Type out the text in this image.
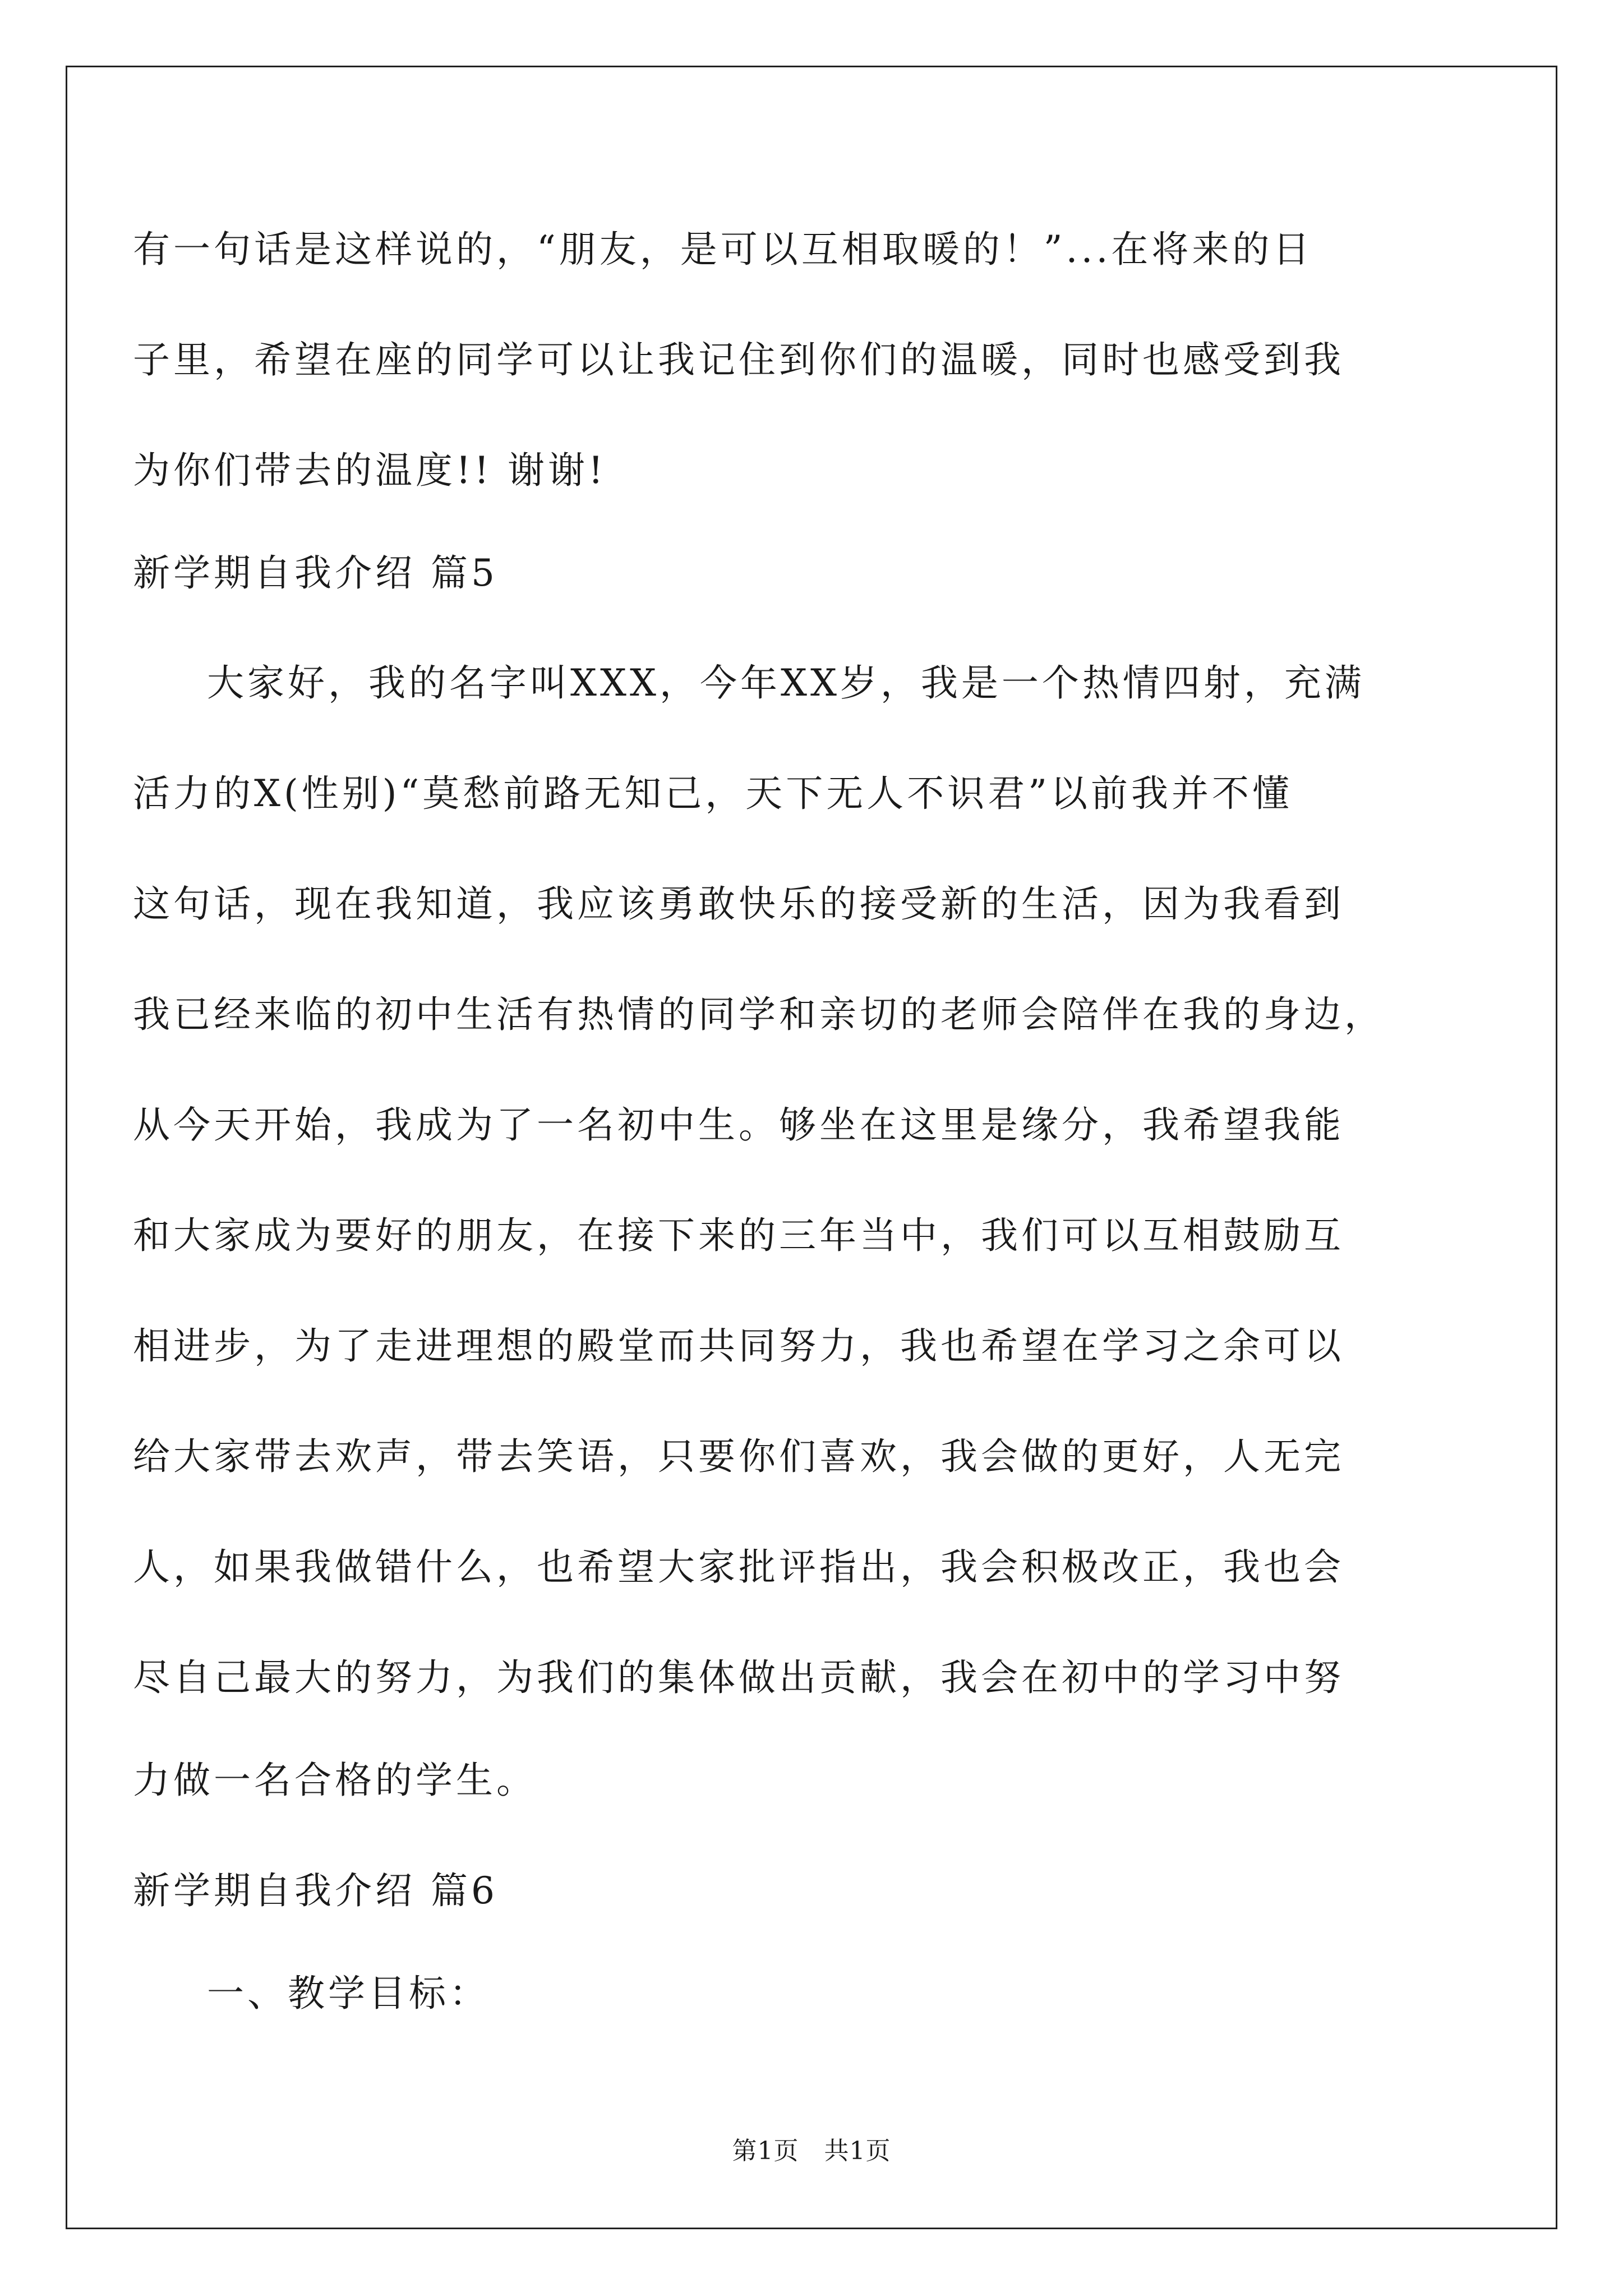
有一句话是这样说的，“朋友，是可以互相取暖的！”...在将来的日
子里，希望在座的同学可以让我记住到你们的温暖，同时也感受到我
为你们带去的温度!! 谢谢!
新学期自我介绍 篇5
大家好，我的名字叫XXX，今年XX岁，我是一个热情四射，充满
活力的X(性别)“莫愁前路无知己，天下无人不识君”以前我并不懂
这句话，现在我知道，我应该勇敢快乐的接受新的生活，因为我看到
我已经来临的初中生活有热情的同学和亲切的老师会陪伴在我的身边，
从今天开始，我成为了一名初中生。够坐在这里是缘分，我希望我能
和大家成为要好的朋友，在接下来的三年当中，我们可以互相鼓励互
相进步，为了走进理想的殿堂而共同努力，我也希望在学习之余可以
给大家带去欢声，带去笑语，只要你们喜欢，我会做的更好，人无完
人，如果我做错什么，也希望大家批评指出，我会积极改正，我也会
尽自己最大的努力，为我们的集体做出贡献，我会在初中的学习中努
力做一名合格的学生。
新学期自我介绍 篇6
一、教学目标：
第1页　共1页
